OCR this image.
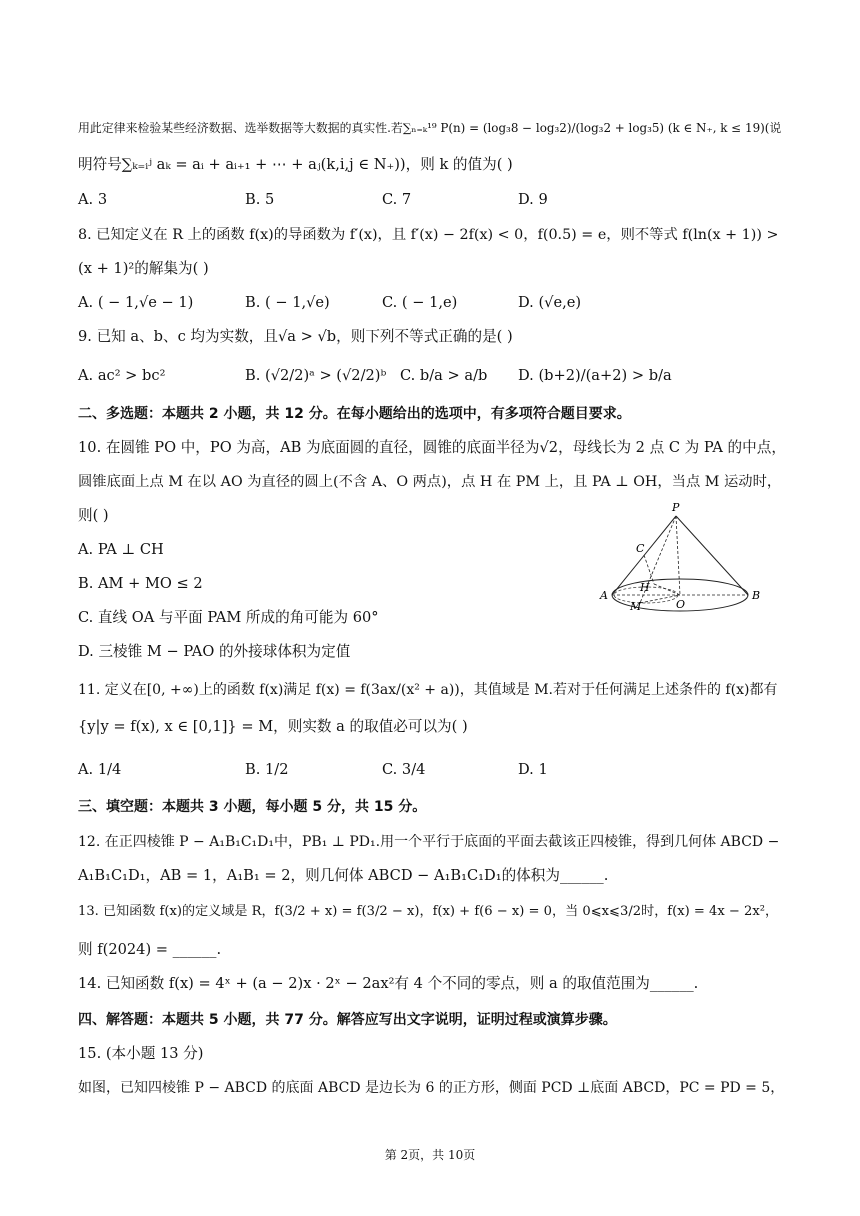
用此定律来检验某些经济数据、选举数据等大数据的真实性.若∑ₙ₌ₖ¹⁹ P(n) = (log₃8 − log₃2)/(log₃2 + log₃5) (k ∈ N₊, k ≤ 19)(说
明符号∑ₖ₌ᵢʲ aₖ = aᵢ + aᵢ₊₁ + ⋯ + aⱼ(k,i,j ∈ N₊))，则 k 的值为( )
A. 3	B. 5	C. 7	D. 9
8. 已知定义在 R 上的函数 f(x)的导函数为 f′(x)，且 f′(x) − 2f(x) < 0，f(0.5) = e，则不等式 f(ln(x + 1)) >
(x + 1)²的解集为( )
A. ( − 1,√e − 1)	B. ( − 1,√e)	C. ( − 1,e)	D. (√e,e)
9. 已知 a、b、c 均为实数，且√a > √b，则下列不等式正确的是( )
A. ac² > bc²	B. (√2/2)ᵃ > (√2/2)ᵇ C. b/a > a/b D. (b+2)/(a+2) > b/a
二、多选题：本题共 2 小题，共 12 分。在每小题给出的选项中，有多项符合题目要求。
10. 在圆锥 PO 中，PO 为高，AB 为底面圆的直径，圆锥的底面半径为√2，母线长为 2 点 C 为 PA 的中点，
圆锥底面上点 M 在以 AO 为直径的圆上(不含 A、O 两点)，点 H 在 PM 上，且 PA ⊥ OH，当点 M 运动时，
则( )
A. PA ⊥ CH
B. AM + MO ≤ 2
C. 直线 OA 与平面 PAM 所成的角可能为 60°
D. 三棱锥 M − PAO 的外接球体积为定值
P
C
H
A
M	O
B
11. 定义在[0, +∞)上的函数 f(x)满足 f(x) = f(3ax/(x² + a))，其值域是 M.若对于任何满足上述条件的 f(x)都有
{y|y = f(x), x ∈ [0,1]} = M，则实数 a 的取值必可以为( )
A. 1/4	B. 1/2	C. 3/4	D. 1
三、填空题：本题共 3 小题，每小题 5 分，共 15 分。
12. 在正四棱锥 P − A₁B₁C₁D₁中，PB₁ ⊥ PD₁.用一个平行于底面的平面去截该正四棱锥，得到几何体 ABCD −
A₁B₁C₁D₁，AB = 1，A₁B₁ = 2，则几何体 ABCD − A₁B₁C₁D₁的体积为______.
13. 已知函数 f(x)的定义域是 R，f(3/2 + x) = f(3/2 − x)，f(x) + f(6 − x) = 0，当 0⩽x⩽3/2时，f(x) = 4x − 2x²，
则 f(2024) = ______.
14. 已知函数 f(x) = 4ˣ + (a − 2)x · 2ˣ − 2ax²有 4 个不同的零点，则 a 的取值范围为______.
四、解答题：本题共 5 小题，共 77 分。解答应写出文字说明，证明过程或演算步骤。
15. (本小题 13 分)
如图，已知四棱锥 P − ABCD 的底面 ABCD 是边长为 6 的正方形，侧面 PCD ⊥底面 ABCD，PC = PD = 5，
第 2页，共 10页
